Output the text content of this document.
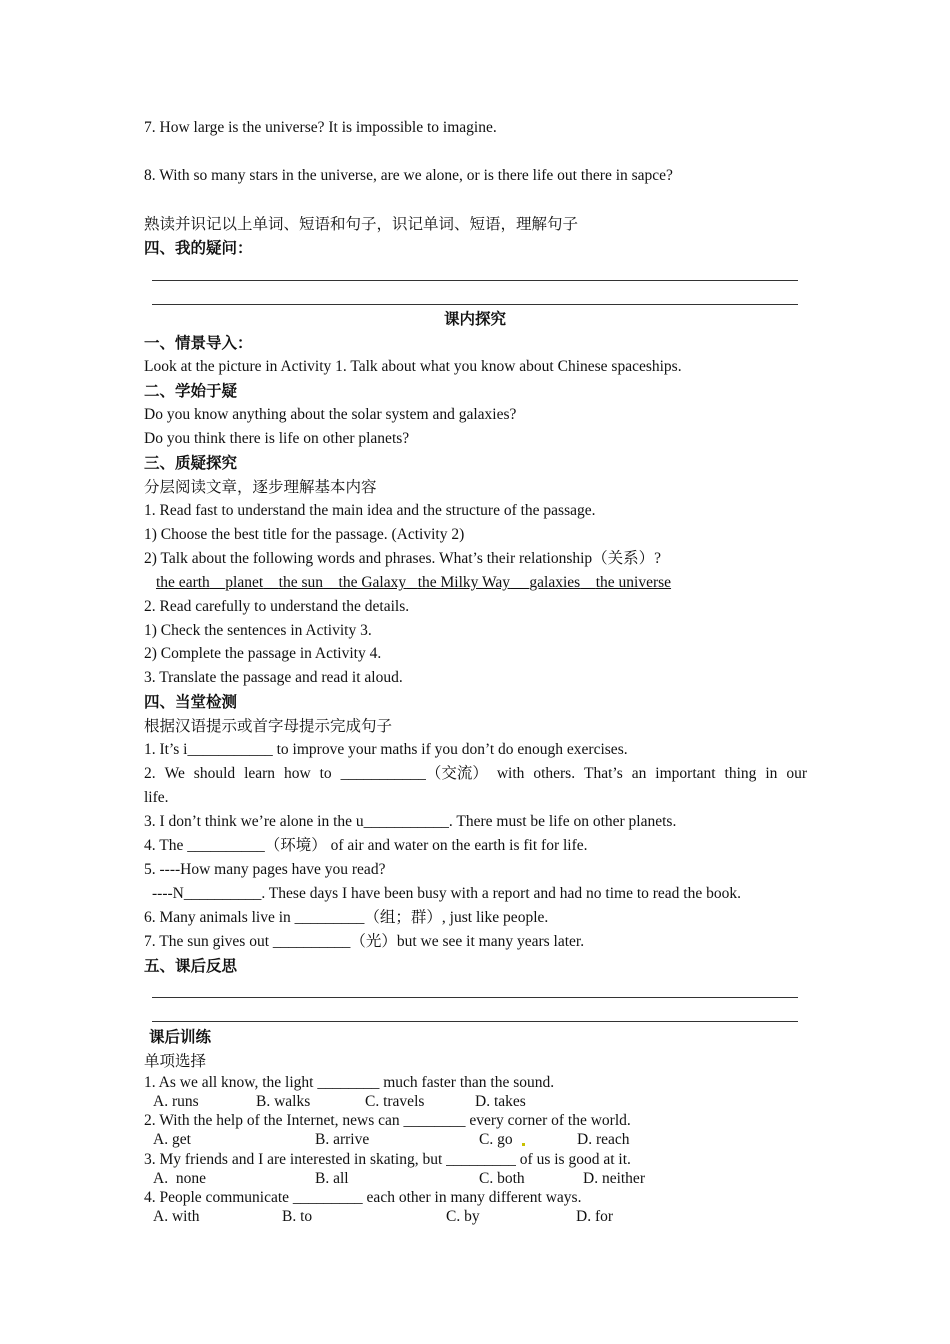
7. How large is the universe? It is impossible to imagine.
8. With so many stars in the universe, are we alone, or is there life out there in sapce?
熟读并识记以上单词、短语和句子，识记单词、短语，理解句子
四、我的疑问：
课内探究
一、情景导入：
Look at the picture in Activity 1. Talk about what you know about Chinese spaceships.
二、学始于疑
Do you know anything about the solar system and galaxies?
Do you think there is life on other planets?
三、质疑探究
分层阅读文章，逐步理解基本内容
1. Read fast to understand the main idea and the structure of the passage.
1) Choose the best title for the passage. (Activity 2)
2) Talk about the following words and phrases. What’s their relationship（关系）?
the earth planet the sun the Galaxy the Milky Way galaxies the universe
2. Read carefully to understand the details.
1) Check the sentences in Activity 3.
2) Complete the passage in Activity 4.
3. Translate the passage and read it aloud.
四、当堂检测
根据汉语提示或首字母提示完成句子
1. It’s i___________ to improve your maths if you don’t do enough exercises.
2. We should learn how to ___________（交流） with others. That’s an important thing in our
life.
3. I don’t think we’re alone in the u___________. There must be life on other planets.
4. The __________（环境） of air and water on the earth is fit for life.
5. ----How many pages have you read?
----N__________. These days I have been busy with a report and had no time to read the book.
6. Many animals live in _________（组；群）, just like people.
7. The sun gives out __________（光）but we see it many years later.
五、课后反思
课后训练
单项选择
1. As we all know, the light ________ much faster than the sound.
A. runs	B. walks	C. travels	D. takes
2. With the help of the Internet, news can ________ every corner of the world.
A. get	B. arrive	C. go	D. reach
3. My friends and I are interested in skating, but _________ of us is good at it.
A.  none	B. all	C. both	D. neither
4. People communicate _________ each other in many different ways.
A. with	B. to	C. by	D. for
